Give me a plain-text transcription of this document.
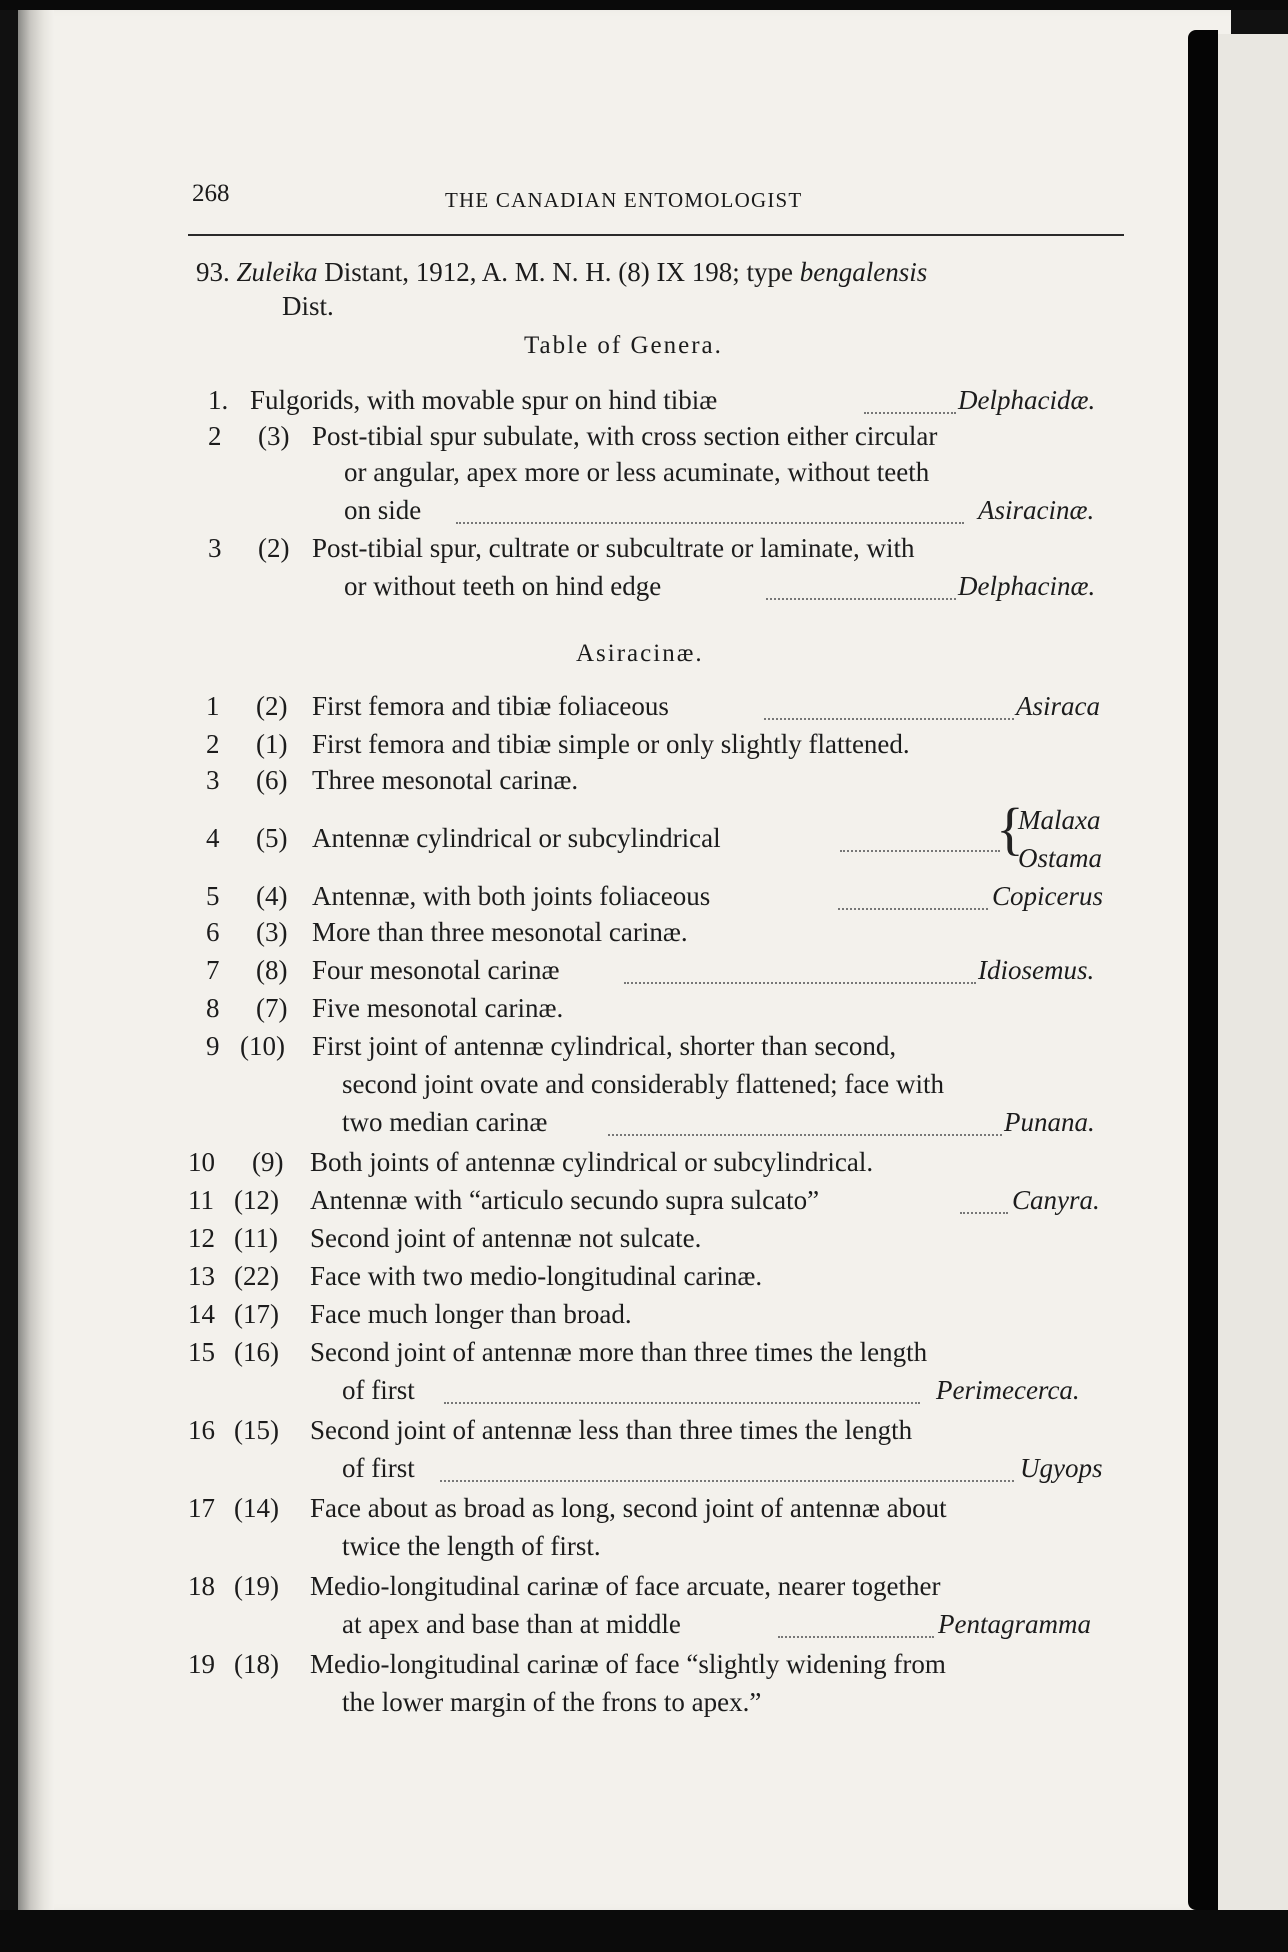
268	THE CANADIAN ENTOMOLOGIST
93. Zuleika Distant, 1912, A. M. N. H. (8) IX 198; type bengalensis
Dist.
Table of Genera.
1. Fulgorids, with movable spur on hind tibiæ	Delphacidæ.
2 (3) Post-tibial spur subulate, with cross section either circular
or angular, apex more or less acuminate, without teeth
on side	Asiracinæ.
3 (2) Post-tibial spur, cultrate or subcultrate or laminate, with
or without teeth on hind edge	Delphacinæ.
Asiracinæ.
1 (2) First femora and tibiæ foliaceous	Asiraca
2 (1) First femora and tibiæ simple or only slightly flattened.
3 (6) Three mesonotal carinæ.
4 (5) Antennæ cylindrical or subcylindrical	{
Malaxa
Ostama
5 (4) Antennæ, with both joints foliaceous	Copicerus
6 (3) More than three mesonotal carinæ.
7 (8) Four mesonotal carinæ	Idiosemus.
8 (7) Five mesonotal carinæ.
9 (10) First joint of antennæ cylindrical, shorter than second,
second joint ovate and considerably flattened; face with
two median carinæ	Punana.
10 (9) Both joints of antennæ cylindrical or subcylindrical.
11 (12) Antennæ with “articulo secundo supra sulcato”	Canyra.
12 (11) Second joint of antennæ not sulcate.
13 (22) Face with two medio-longitudinal carinæ.
14 (17) Face much longer than broad.
15 (16) Second joint of antennæ more than three times the length
of first	Perimecerca.
16 (15) Second joint of antennæ less than three times the length
of first	Ugyops
17 (14) Face about as broad as long, second joint of antennæ about
twice the length of first.
18 (19) Medio-longitudinal carinæ of face arcuate, nearer together
at apex and base than at middle	Pentagramma
19 (18) Medio-longitudinal carinæ of face “slightly widening from
the lower margin of the frons to apex.”
